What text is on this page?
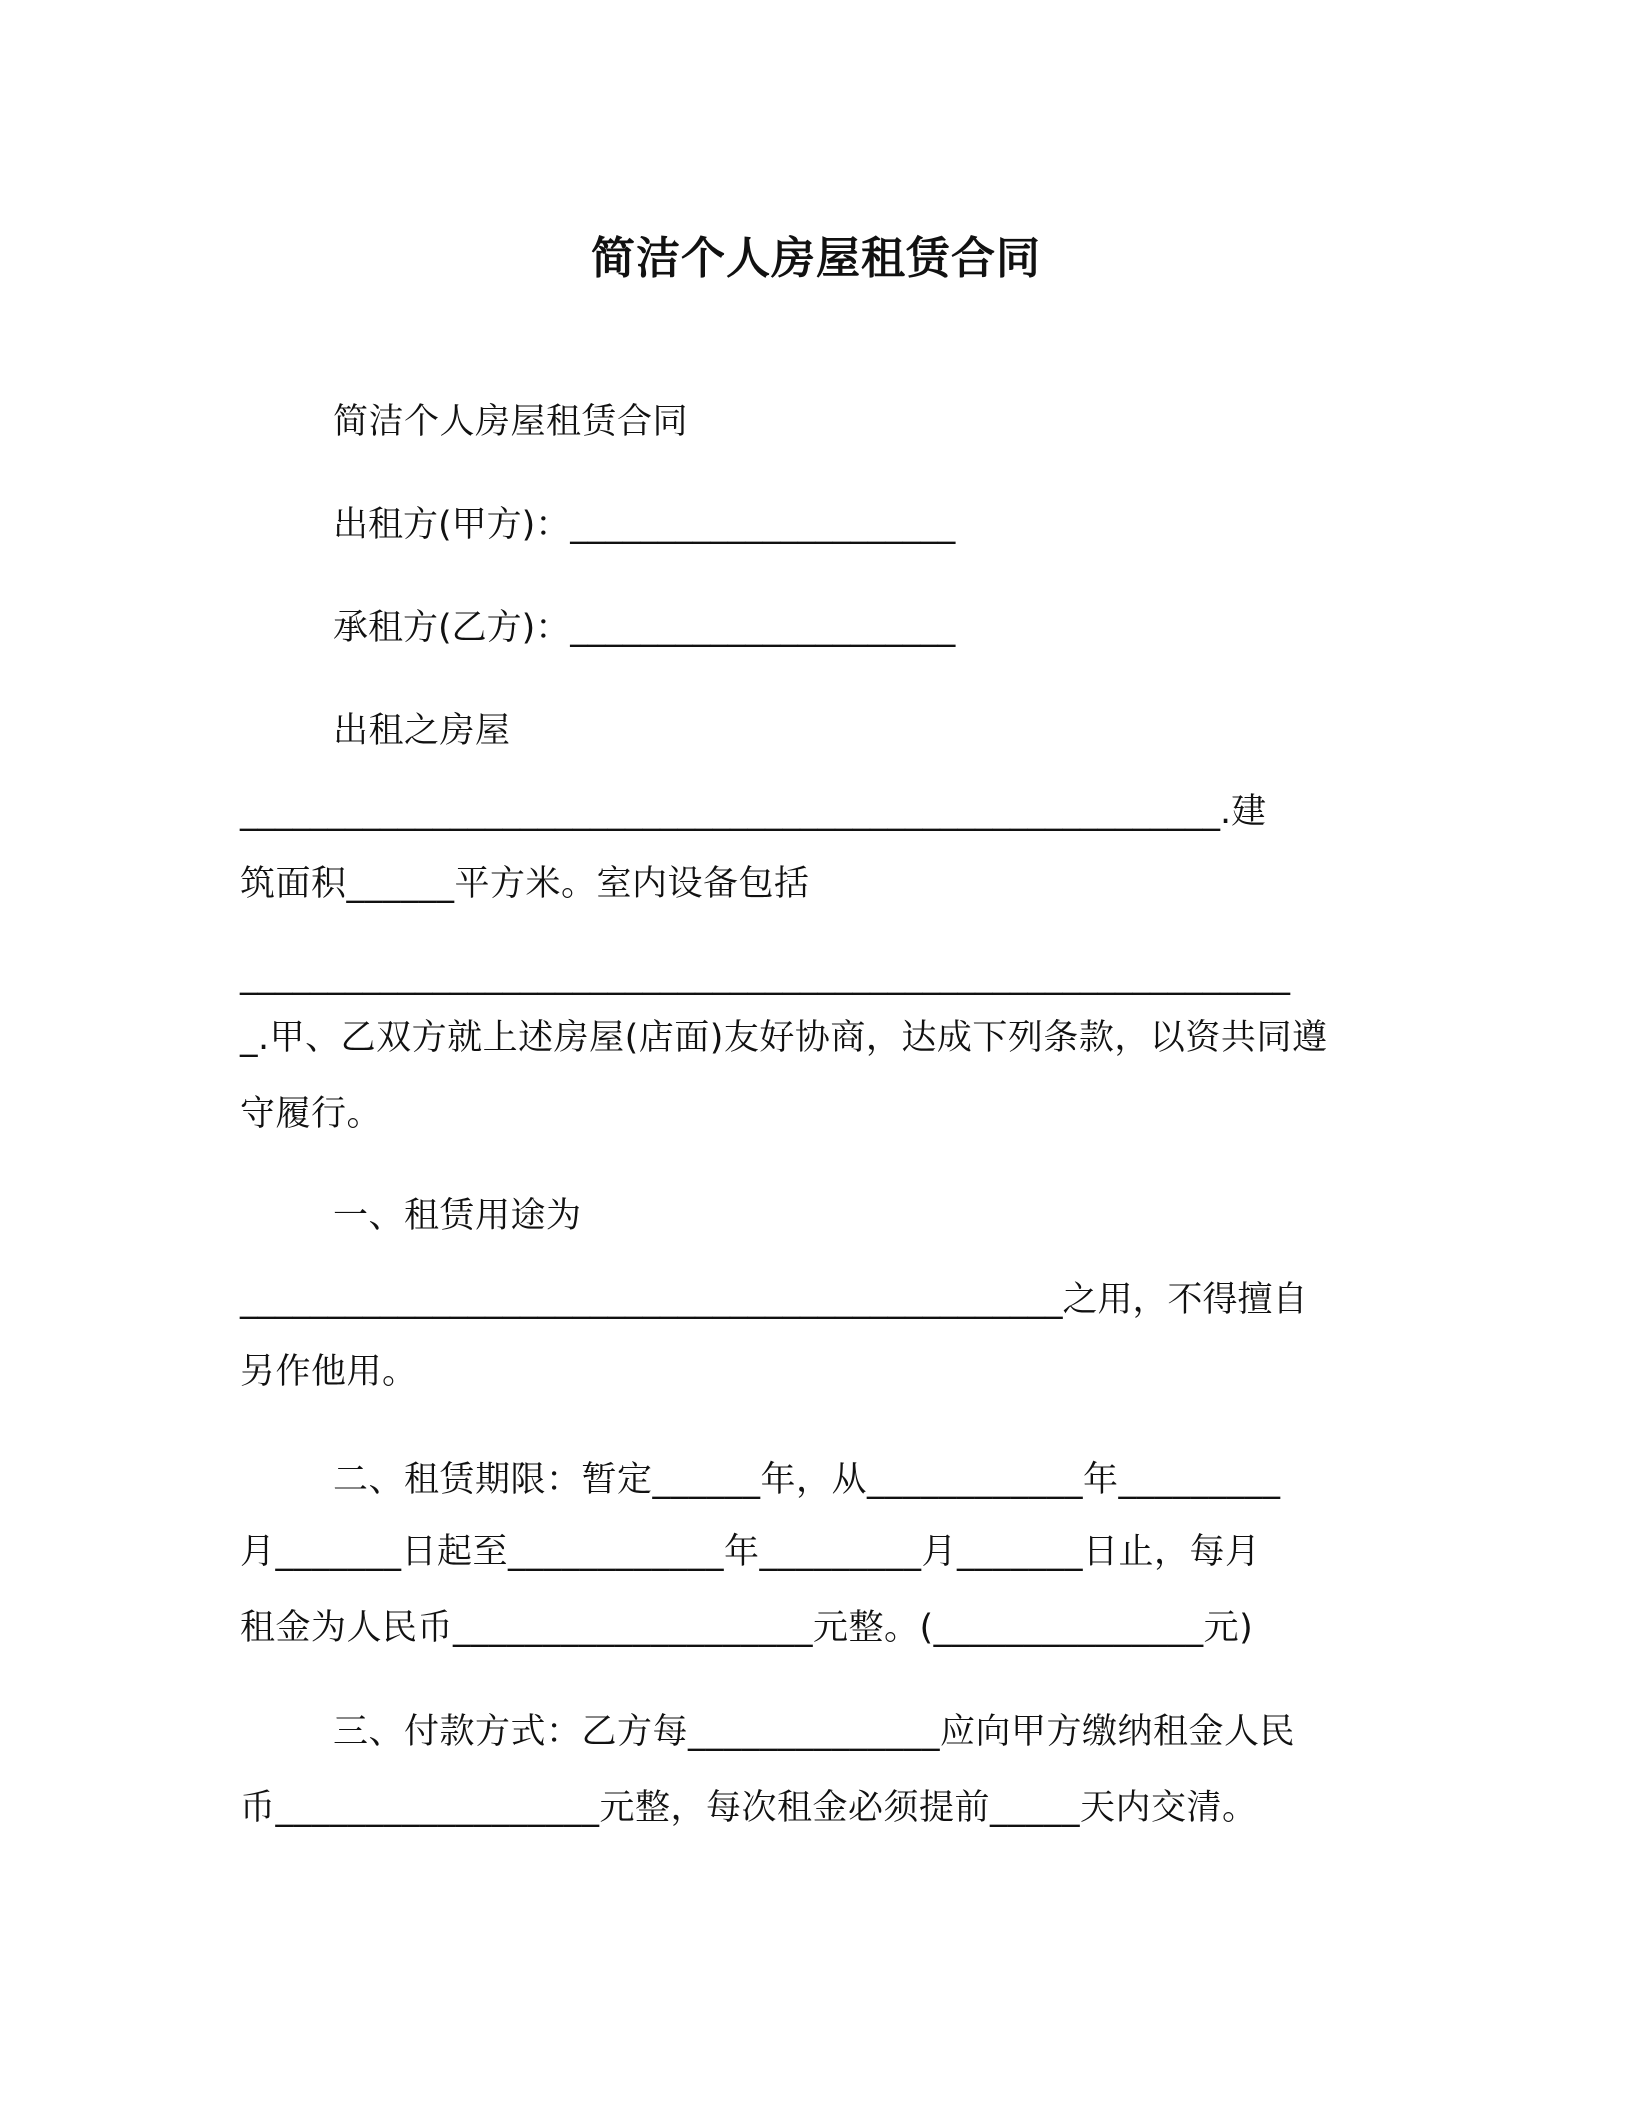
简洁个人房屋租赁合同
简洁个人房屋租赁合同
出租方(甲方)：______________________
承租方(乙方)：______________________
出租之房屋
________________________________________________________.建
筑面积______平方米。室内设备包括
____________________________________________________________
_.甲、乙双方就上述房屋(店面)友好协商，达成下列条款，以资共同遵
守履行。
一、租赁用途为
_______________________________________________之用，不得擅自
另作他用。
二、租赁期限：暂定______年，从____________年_________
月_______日起至____________年_________月_______日止，每月
租金为人民币____________________元整。(_______________元)
三、付款方式：乙方每______________应向甲方缴纳租金人民
币__________________元整，每次租金必须提前_____天内交清。
